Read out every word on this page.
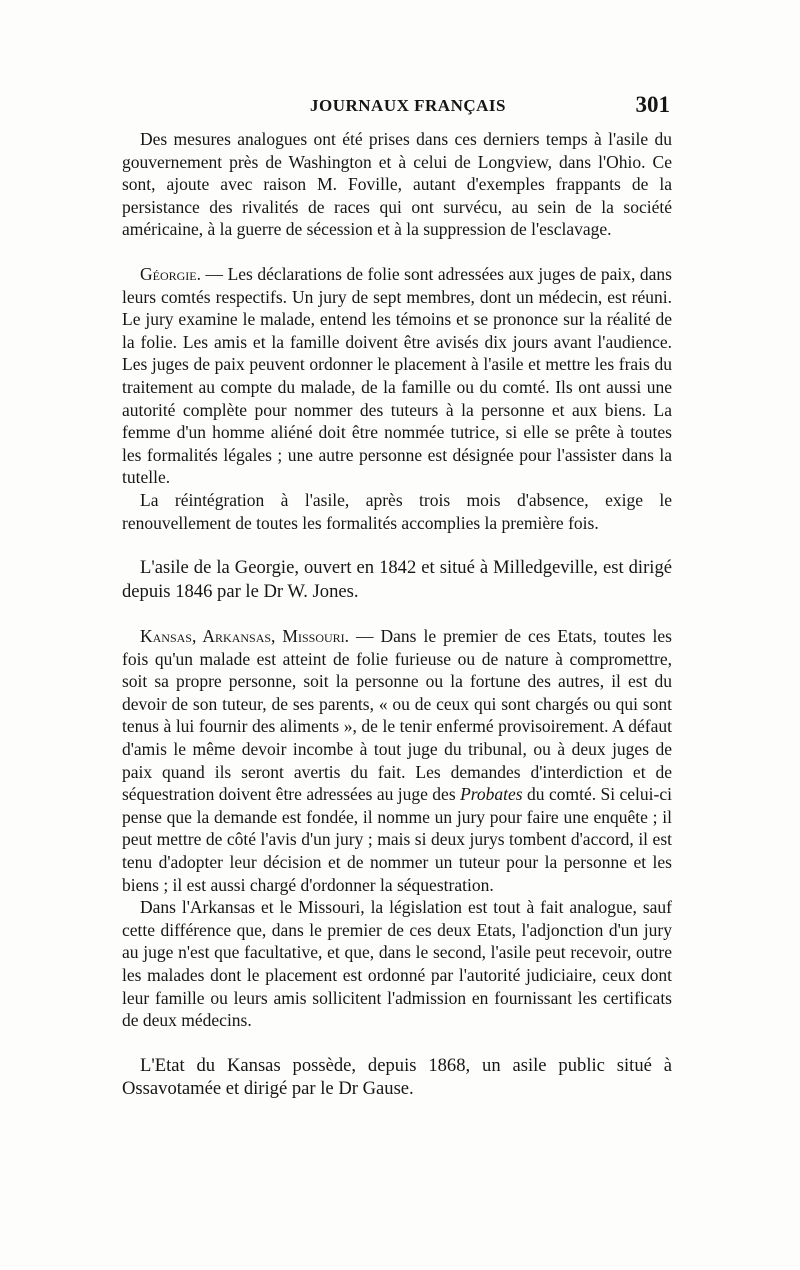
JOURNAUX FRANÇAIS	301

Des mesures analogues ont été prises dans ces derniers temps à l'asile du gouvernement près de Washington et à celui de Longview, dans l'Ohio. Ce sont, ajoute avec raison M. Foville, autant d'exemples frappants de la persistance des rivalités de races qui ont survécu, au sein de la société américaine, à la guerre de sécession et à la suppression de l'esclavage.

Géorgie. — Les déclarations de folie sont adressées aux juges de paix, dans leurs comtés respectifs. Un jury de sept membres, dont un médecin, est réuni. Le jury examine le malade, entend les témoins et se prononce sur la réalité de la folie. Les amis et la famille doivent être avisés dix jours avant l'audience. Les juges de paix peuvent ordonner le placement à l'asile et mettre les frais du traitement au compte du malade, de la famille ou du comté. Ils ont aussi une autorité complète pour nommer des tuteurs à la personne et aux biens. La femme d'un homme aliéné doit être nommée tutrice, si elle se prête à toutes les formalités légales ; une autre personne est désignée pour l'assister dans la tutelle.

La réintégration à l'asile, après trois mois d'absence, exige le renouvellement de toutes les formalités accomplies la première fois.

L'asile de la Georgie, ouvert en 1842 et situé à Milledgeville, est dirigé depuis 1846 par le Dr W. Jones.

Kansas, Arkansas, Missouri. — Dans le premier de ces Etats, toutes les fois qu'un malade est atteint de folie furieuse ou de nature à compromettre, soit sa propre personne, soit la personne ou la fortune des autres, il est du devoir de son tuteur, de ses parents, « ou de ceux qui sont chargés ou qui sont tenus à lui fournir des aliments », de le tenir enfermé provisoirement. A défaut d'amis le même devoir incombe à tout juge du tribunal, ou à deux juges de paix quand ils seront avertis du fait. Les demandes d'interdiction et de séquestration doivent être adressées au juge des Probates du comté. Si celui-ci pense que la demande est fondée, il nomme un jury pour faire une enquête ; il peut mettre de côté l'avis d'un jury ; mais si deux jurys tombent d'accord, il est tenu d'adopter leur décision et de nommer un tuteur pour la personne et les biens ; il est aussi chargé d'ordonner la séquestration.

Dans l'Arkansas et le Missouri, la législation est tout à fait analogue, sauf cette différence que, dans le premier de ces deux Etats, l'adjonction d'un jury au juge n'est que facultative, et que, dans le second, l'asile peut recevoir, outre les malades dont le placement est ordonné par l'autorité judiciaire, ceux dont leur famille ou leurs amis sollicitent l'admission en fournissant les certificats de deux médecins.

L'Etat du Kansas possède, depuis 1868, un asile public situé à Ossavotamée et dirigé par le Dr Gause.
